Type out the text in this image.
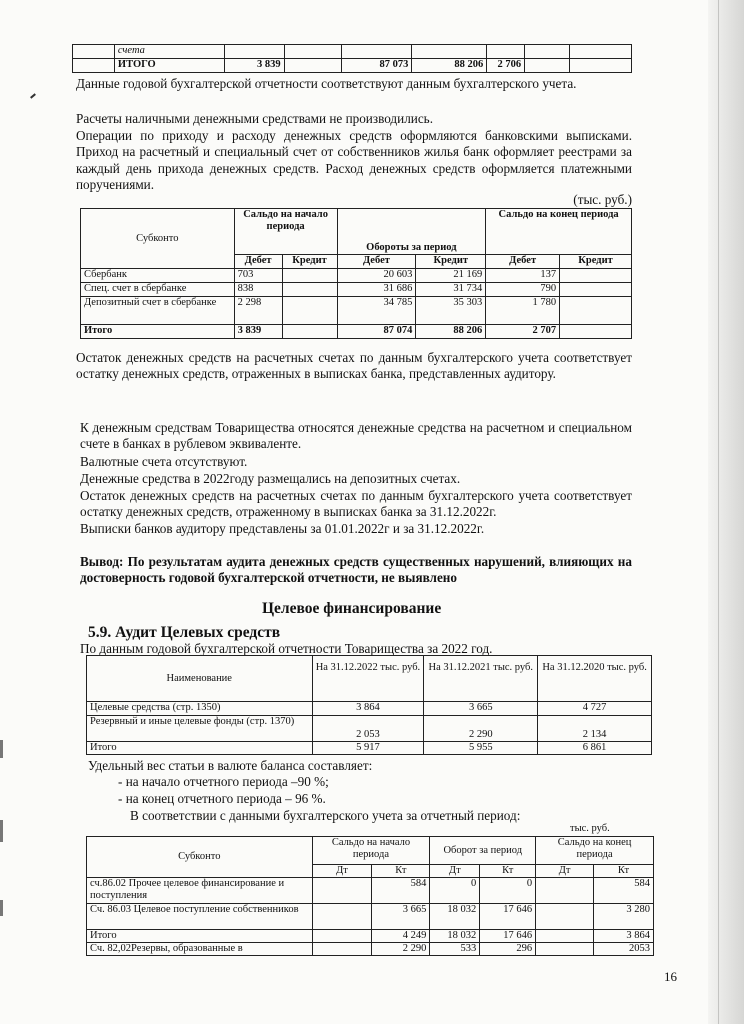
	счета							
	ИТОГО	3 839		87 073	88 206	2 706		

Данные годовой бухгалтерской отчетности соответствуют данным бухгалтерского учета.

Расчеты наличными денежными средствами не производились.

Операции по приходу и расходу денежных средств оформляются банковскими выписками. Приход на расчетный и специальный счет от собственников жилья банк оформляет реестрами за каждый день прихода денежных средств. Расход денежных средств оформляется платежными поручениями.

(тыс. руб.)

Субконто	Сальдо на начало периода		Обороты за период		Сальдо на конец периода	
	Дебет	Кредит	Дебет	Кредит	Дебет	Кредит
Сбербанк	703		20 603	21 169	137	
Спец. счет в сбербанке	838		31 686	31 734	790	
Депозитный счет в сбербанке	2 298		34 785	35 303	1 780	
Итого	3 839		87 074	88 206	2 707	

Остаток денежных средств на расчетных счетах по данным бухгалтерского учета соответствует остатку денежных средств, отраженных в выписках банка, представленных аудитору.

К денежным средствам Товарищества относятся денежные средства на расчетном и специальном счете в банках в рублевом эквиваленте.

Валютные счета отсутствуют.

Денежные средства в 2022году размещались на депозитных счетах.

Остаток денежных средств на расчетных счетах по данным бухгалтерского учета соответствует остатку денежных средств, отраженному в выписках банка за 31.12.2022г.

Выписки банков аудитору представлены за 01.01.2022г и за 31.12.2022г.

Вывод: По результатам аудита денежных средств существенных нарушений, влияющих на достоверность годовой бухгалтерской отчетности, не выявлено

Целевое финансирование
5.9. Аудит Целевых средств

По данным годовой бухгалтерской отчетности Товарищества за 2022 год.

Наименование	На 31.12.2022 тыс. руб.	На 31.12.2021 тыс. руб.	На 31.12.2020 тыс. руб.
Целевые средства (стр. 1350)	3 864	3 665	4 727
Резервный и иные целевые фонды (стр. 1370)	2 053	2 290	2 134
Итого	5 917	5 955	6 861

Удельный вес статьи в валюте баланса составляет:

- на начало отчетного периода –90 %;

- на конец отчетного периода – 96 %.

В соответствии с данными бухгалтерского учета за отчетный период:

тыс. руб.

Субконто	Сальдо на начало периода		Оборот за период		Сальдо на конец периода	
	Дт	Кт	Дт	Кт	Дт	Кт
сч.86.02 Прочее целевое финансирование и поступления		584	0	0		584
Сч. 86.03 Целевое поступление собственников		3 665	18 032	17 646		3 280
Итого		4 249	18 032	17 646		3 864
Сч. 82,02Резервы, образованные в		2 290	533	296		2053
16
